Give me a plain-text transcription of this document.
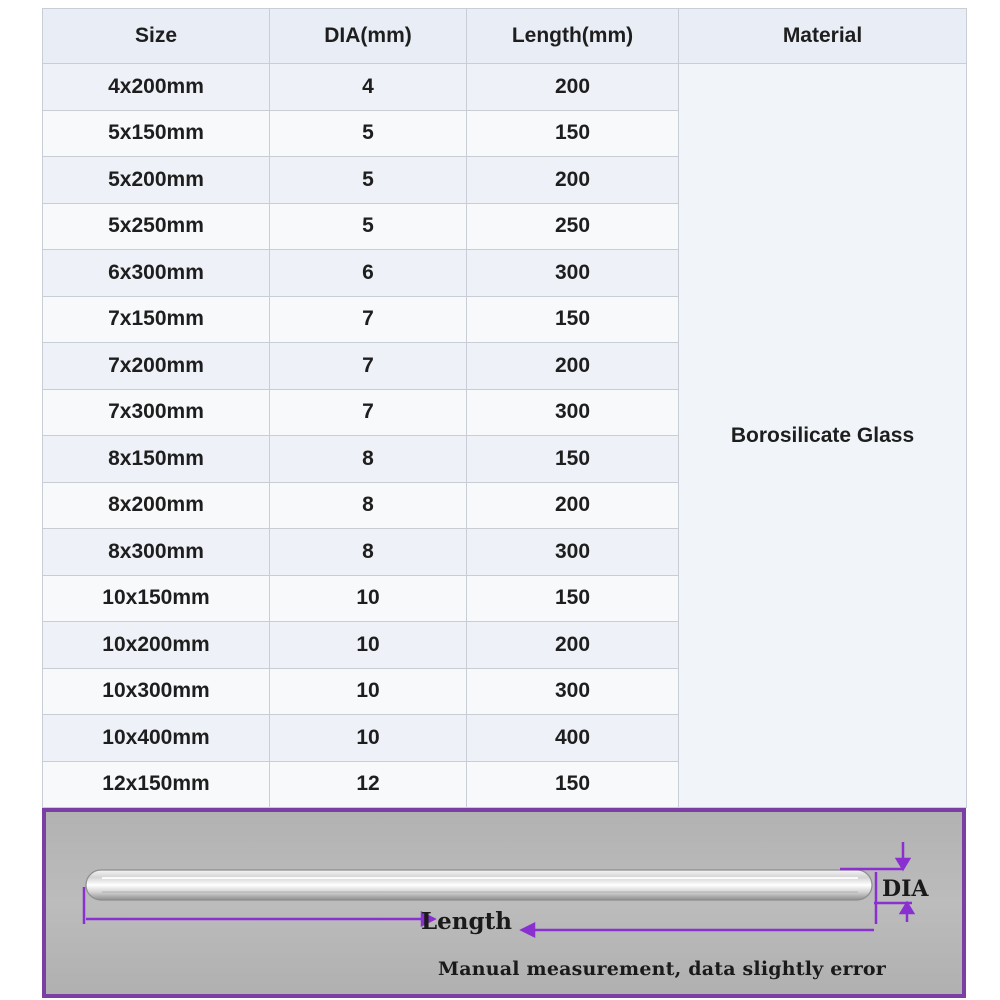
Size	DIA(mm)	Length(mm)	Material
4x200mm	4	200	Borosilicate Glass
5x150mm	5	150	
5x200mm	5	200	
5x250mm	5	250	
6x300mm	6	300	
7x150mm	7	150	
7x200mm	7	200	
7x300mm	7	300	
8x150mm	8	150	
8x200mm	8	200	
8x300mm	8	300	
10x150mm	10	150	
10x200mm	10	200	
10x300mm	10	300	
10x400mm	10	400	
12x150mm	12	150	
DIA
Length
Manual measurement, data slightly error
